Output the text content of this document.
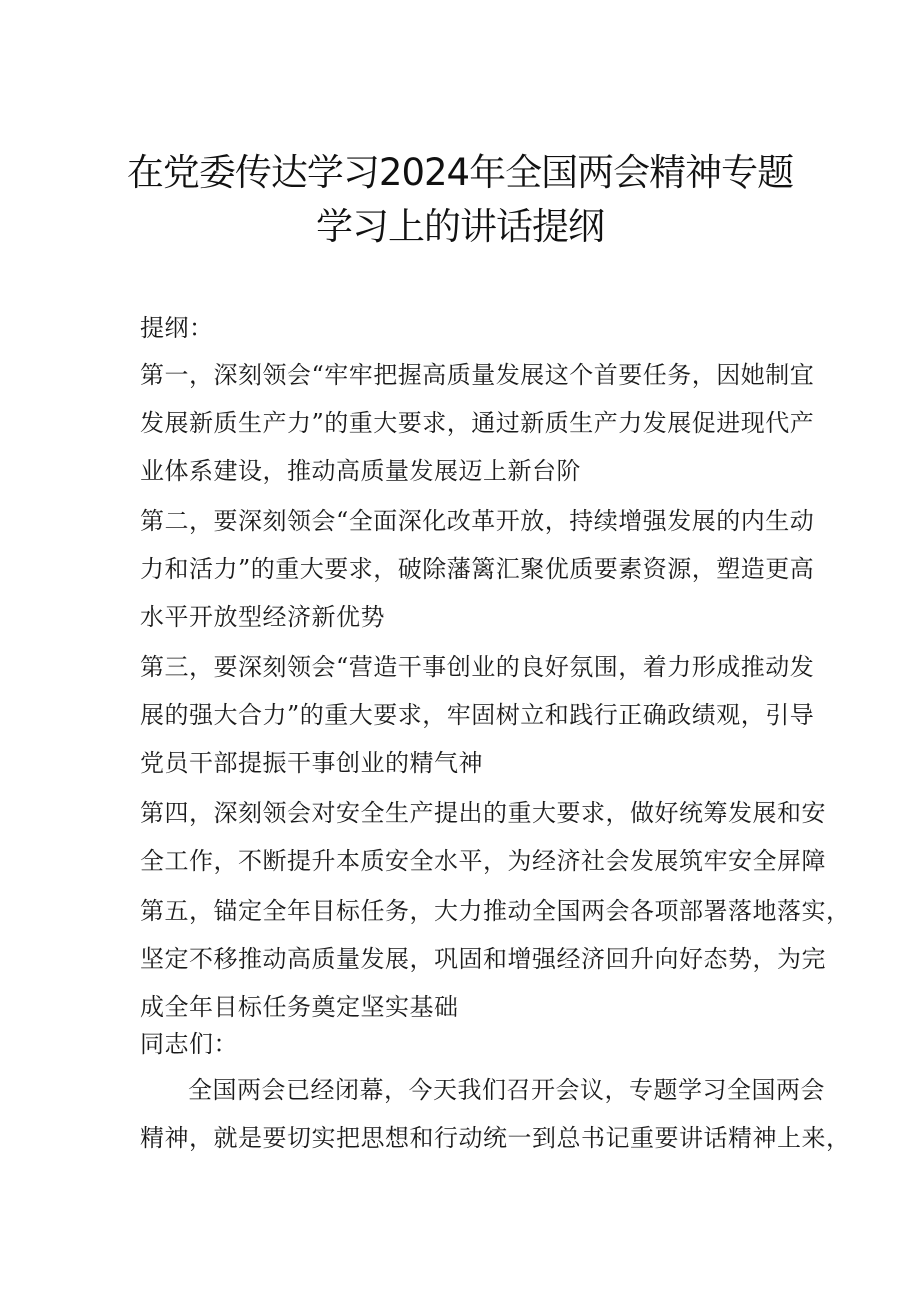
在党委传达学习2024年全国两会精神专题
学习上的讲话提纲
提纲：
第一，深刻领会“牢牢把握高质量发展这个首要任务，因她制宜
发展新质生产力”的重大要求，通过新质生产力发展促进现代产
业体系建设，推动高质量发展迈上新台阶
第二，要深刻领会“全面深化改革开放，持续增强发展的内生动
力和活力”的重大要求，破除藩篱汇聚优质要素资源，塑造更高
水平开放型经济新优势
第三，要深刻领会“营造干事创业的良好氛围，着力形成推动发
展的强大合力”的重大要求，牢固树立和践行正确政绩观，引导
党员干部提振干事创业的精气神
第四，深刻领会对安全生产提出的重大要求，做好统筹发展和安
全工作，不断提升本质安全水平，为经济社会发展筑牢安全屏障
第五，锚定全年目标任务，大力推动全国两会各项部署落地落实，
坚定不移推动高质量发展，巩固和增强经济回升向好态势，为完
成全年目标任务奠定坚实基础
同志们：
全国两会已经闭幕，今天我们召开会议，专题学习全国两会
精神，就是要切实把思想和行动统一到总书记重要讲话精神上来，
